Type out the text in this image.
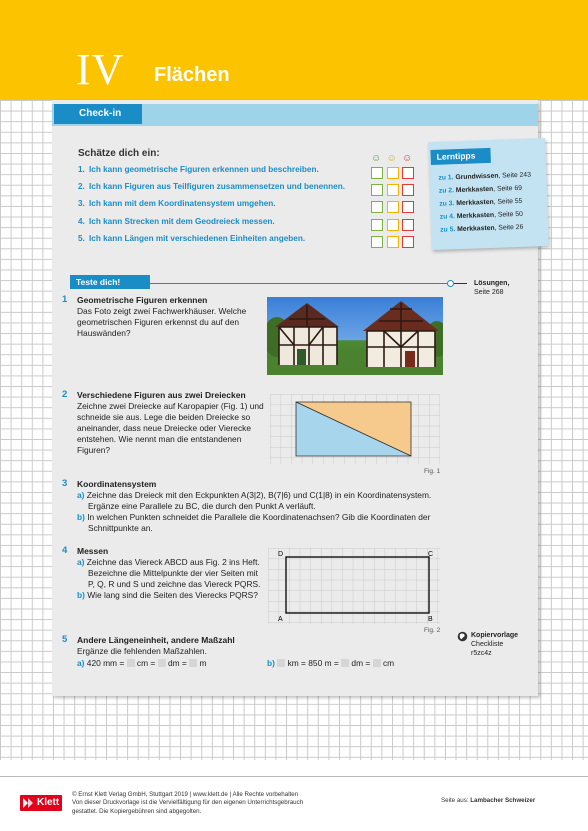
IV Flächen
Check-in
Schätze dich ein:
1. Ich kann geometrische Figuren erkennen und beschreiben.
2. Ich kann Figuren aus Teilfiguren zusammensetzen und benennen.
3. Ich kann mit dem Koordinatensystem umgehen.
4. Ich kann Strecken mit dem Geodreieck messen.
5. Ich kann Längen mit verschiedenen Einheiten angeben.
☺ ☺ ☺	Lerntipps
zu 1. Grundwissen, Seite 243
zu 2. Merkkasten, Seite 69
zu 3. Merkkasten, Seite 55
zu 4. Merkkasten, Seite 50
zu 5. Merkkasten, Seite 26
Teste dich!	Lösungen,
Seite 268
1 Geometrische Figuren erkennen
Das Foto zeigt zwei Fachwerkhäuser. Welche geometrischen Figuren erkennst du auf den Hauswänden?
2 Verschiedene Figuren aus zwei Dreiecken
Zeichne zwei Dreiecke auf Karopapier (Fig. 1) und schneide sie aus. Lege die beiden Dreiecke so aneinander, dass neue Dreiecke oder Vierecke entstehen. Wie nennt man die entstandenen Figuren?
Fig. 1
3 Koordinatensystem
a) Zeichne das Dreieck mit den Eckpunkten A(3|2), B(7|6) und C(1|8) in ein Koordinatensystem. Ergänze eine Parallele zu BC, die durch den Punkt A verläuft.
b) In welchen Punkten schneidet die Parallele die Koordinatenachsen? Gib die Koordinaten der Schnittpunkte an.
4 Messen
a) Zeichne das Viereck ABCD aus Fig. 2 ins Heft. Bezeichne die Mittelpunkte der vier Seiten mit P, Q, R und S und zeichne das Viereck PQRS.
b) Wie lang sind die Seiten des Vierecks PQRS?
D	C
A	B
Fig. 2
5 Andere Längeneinheit, andere Maßzahl
Ergänze die fehlenden Maßzahlen.
a) 420 mm = cm = dm = m	b) km = 850 m = dm = cm
Kopiervorlage
Checkliste
r5zc4z
Klett
© Ernst Klett Verlag GmbH, Stuttgart 2019 | www.klett.de | Alle Rechte vorbehalten
Von dieser Druckvorlage ist die Vervielfältigung für den eigenen Unterrichtsgebrauch
gestattet. Die Kopiergebühren sind abgegolten.
Seite aus: Lambacher Schweizer
